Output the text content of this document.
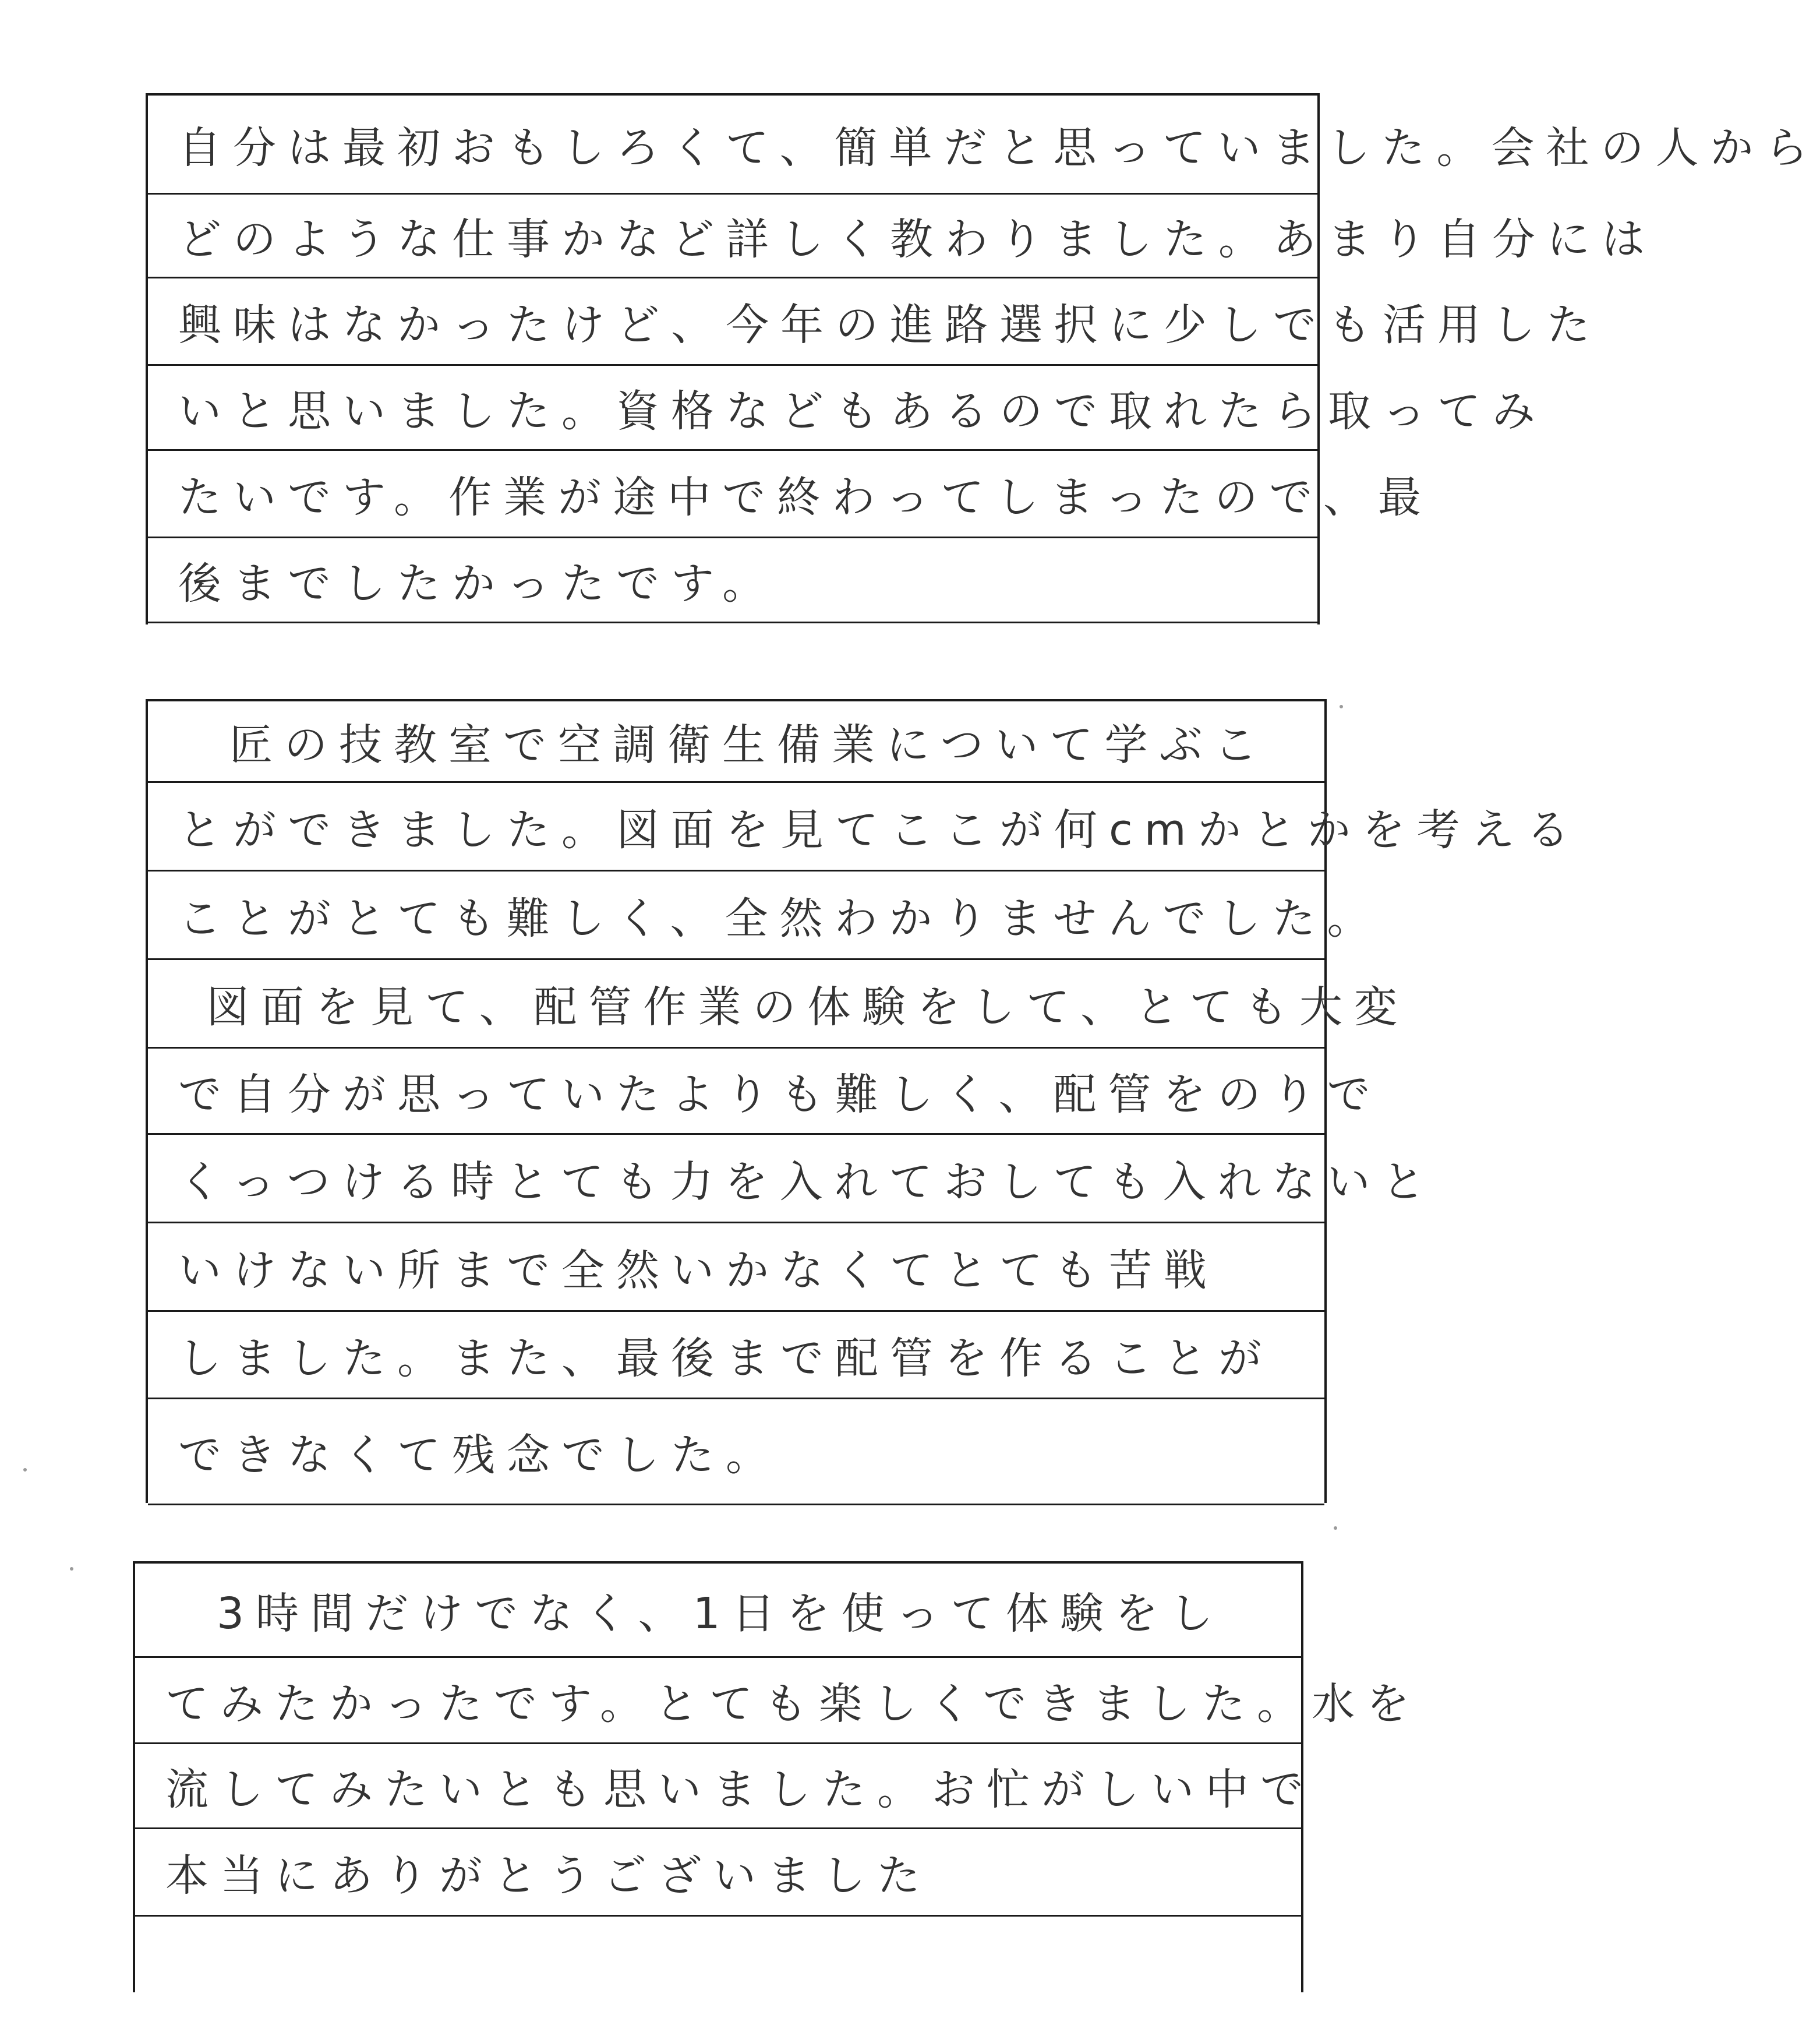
自分は最初おもしろくて、簡単だと思っていました。会社の人から
どのような仕事かなど詳しく教わりました。あまり自分には
興味はなかったけど、今年の進路選択に少しでも活用した
いと思いました。資格などもあるので取れたら取ってみ
たいです。作業が途中で終わってしまったので、最
後までしたかったです。
匠の技教室で空調衛生備業について学ぶこ
とができました。図面を見てここが何cmかとかを考える
ことがとても難しく、全然わかりませんでした。
図面を見て、配管作業の体験をして、とても大変
で自分が思っていたよりも難しく、配管をのりで
くっつける時とても力を入れておしても入れないと
いけない所まで全然いかなくてとても苦戦
しました。また、最後まで配管を作ることが
できなくて残念でした。
3時間だけでなく、1日を使って体験をし
てみたかったです。とても楽しくできました。水を
流してみたいとも思いました。お忙がしい中で
本当にありがとうございました
